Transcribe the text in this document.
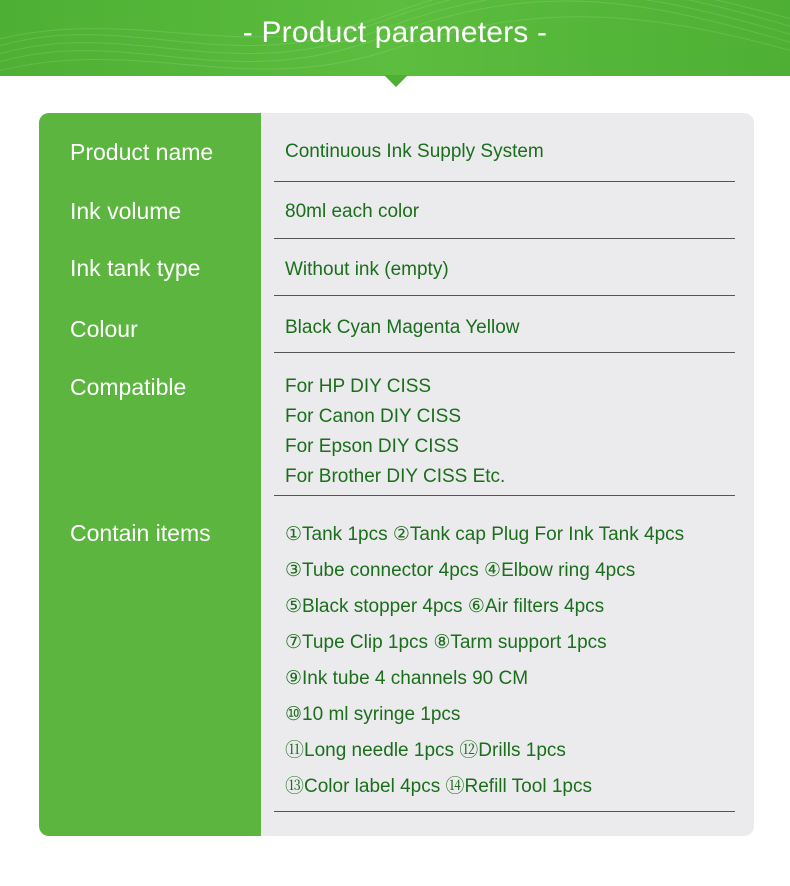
- Product parameters -
Product name
Ink volume
Ink tank type
Colour
Compatible
Contain items
Continuous Ink Supply System
80ml each color
Without ink (empty)
Black Cyan Magenta Yellow
For HP DIY CISS
For Canon DIY CISS
For Epson DIY CISS
For Brother DIY CISS Etc.
①Tank 1pcs ②Tank cap Plug For Ink Tank 4pcs
③Tube connector 4pcs ④Elbow ring 4pcs
⑤Black stopper 4pcs ⑥Air filters 4pcs
⑦Tupe Clip 1pcs ⑧Tarm support 1pcs
⑨Ink tube 4 channels 90 CM
⑩10 ml syringe 1pcs
⑪Long needle 1pcs ⑫Drills 1pcs
⑬Color label 4pcs ⑭Refill Tool 1pcs
